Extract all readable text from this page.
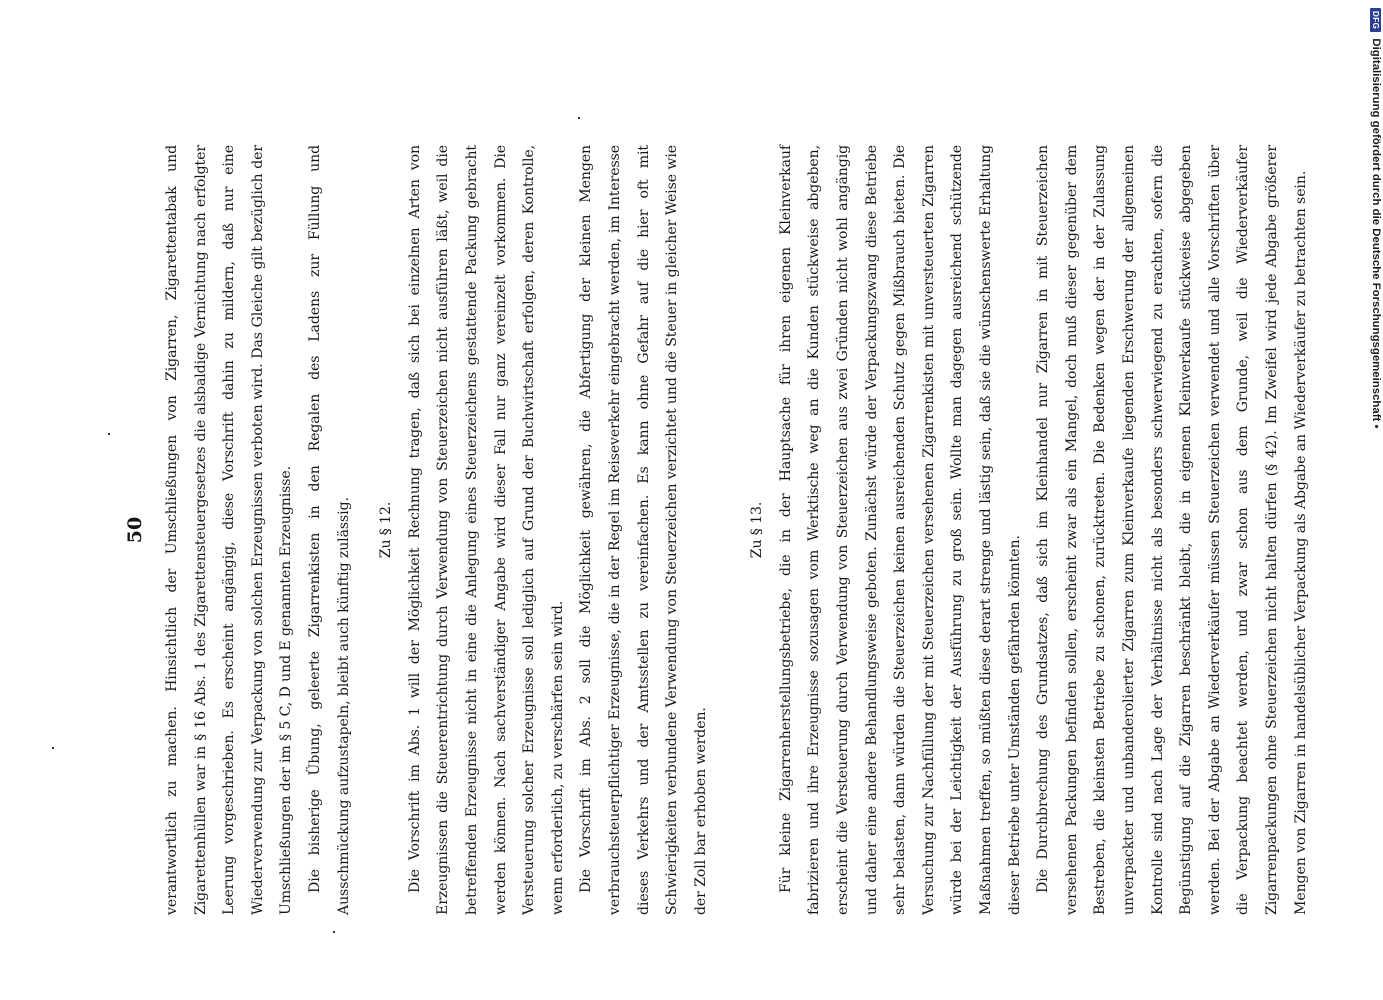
50	verantwortlich zu machen. Hinsichtlich der Umschließungen von Zigarren, Zigarettentabak und Zigarettenhüllen war in § 16 Abs. 1 des Zigarettensteuergesetzes die alsbaldige Vernichtung nach erfolgter Leerung vorgeschrieben. Es erscheint angängig, diese Vorschrift dahin zu mildern, daß nur eine Wiederverwendung zur Verpackung von solchen Erzeugnissen verboten wird. Das Gleiche gilt bezüglich der Umschließungen der im § 5 C, D und E genannten Erzeugnisse. Die bisherige Übung, geleerte Zigarrenkisten in den Regalen des Ladens zur Füllung und Ausschmückung aufzustapeln, bleibt auch künftig zulässig.	Zu § 12. Die Vorschrift im Abs. 1 will der Möglichkeit Rechnung tragen, daß sich bei einzelnen Arten von Erzeugnissen die Steuerentrichtung durch Verwendung von Steuerzeichen nicht ausführen läßt, weil die betreffenden Erzeugnisse nicht in eine die Anlegung eines Steuerzeichens gestattende Packung gebracht werden können. Nach sachverständiger Angabe wird dieser Fall nur ganz vereinzelt vorkommen. Die Versteuerung solcher Erzeugnisse soll lediglich auf Grund der Buchwirtschaft erfolgen, deren Kontrolle, wenn erforderlich, zu verschärfen sein wird. Die Vorschrift im Abs. 2 soll die Möglichkeit gewähren, die Abfertigung der kleinen Mengen verbrauchsteuerpflichtiger Erzeugnisse, die in der Regel im Reiseverkehr eingebracht werden, im Interesse dieses Verkehrs und der Amtsstellen zu vereinfachen. Es kann ohne Gefahr auf die hier oft mit Schwierigkeiten verbundene Verwendung von Steuerzeichen verzichtet und die Steuer in gleicher Weise wie der Zoll bar erhoben werden.

Zu § 13. Für kleine Zigarrenherstellungsbetriebe, die in der Hauptsache für ihren eigenen Kleinverkauf fabrizieren und ihre Erzeugnisse sozusagen vom Werktische weg an die Kunden stückweise abgeben, erscheint die Versteuerung durch Verwendung von Steuerzeichen aus zwei Gründen nicht wohl angängig und daher eine andere Behandlungsweise geboten. Zunächst würde der Verpackungszwang diese Betriebe sehr belasten, dann würden die Steuerzeichen keinen ausreichenden Schutz gegen Mißbrauch bieten. Die Versuchung zur Nachfüllung der mit Steuerzeichen versehenen Zigarrenkisten mit unversteuerten Zigarren würde bei der Leichtigkeit der Ausführung zu groß sein. Wollte man dagegen ausreichend schützende Maßnahmen treffen, so müßten diese derart strenge und lästig sein, daß sie die wünschenswerte Erhaltung dieser Betriebe unter Umständen gefährden könnten. Die Durchbrechung des Grundsatzes, daß sich im Kleinhandel nur Zigarren in mit Steuerzeichen versehenen Packungen befinden sollen, erscheint zwar als ein Mangel, doch muß dieser gegenüber dem Bestreben, die kleinsten Betriebe zu schonen, zurücktreten. Die Bedenken wegen der in der Zulassung unverpackter und unbanderolierter Zigarren zum Kleinverkaufe liegenden Erschwerung der allgemeinen Kontrolle sind nach Lage der Verhältnisse nicht als besonders schwerwiegend zu erachten, sofern die Begünstigung auf die Zigarren beschränkt bleibt, die in eigenen Kleinverkaufe stückweise abgegeben werden. Bei der Abgabe an Wiederverkäufer müssen Steuerzeichen verwendet und alle Vorschriften über die Verpackung beachtet werden, und zwar schon aus dem Grunde, weil die Wiederverkäufer Zigarrenpackungen ohne Steuerzeichen nicht halten dürfen (§ 42). Im Zweifel wird jede Abgabe größerer Mengen von Zigarren in handelsüblicher Verpackung als Abgabe an Wiederverkäufer zu betrachten sein.

DFG
Digitalisierung gefördert durch die Deutsche Forschungsgemeinschaft •
